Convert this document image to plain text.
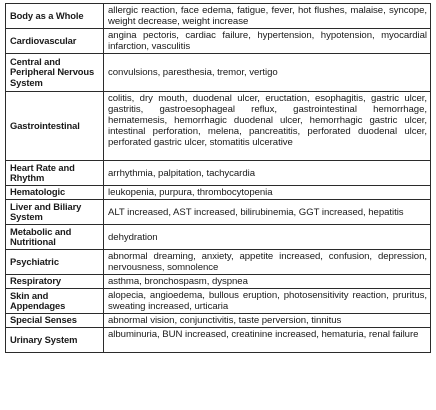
Body as a Whole	allergic reaction, face edema, fatigue, fever, hot flushes, malaise, syncope, weight decrease, weight increase
Cardiovascular	angina pectoris, cardiac failure, hypertension, hypotension, myocardial infarction, vasculitis
Central and Peripheral Nervous System	convulsions, paresthesia, tremor, vertigo
Gastrointestinal	colitis, dry mouth, duodenal ulcer, eructation, esophagitis, gastric ulcer, gastritis, gastroesophageal reflux, gastrointestinal hemorrhage, hematemesis, hemorrhagic duodenal ulcer, hemorrhagic gastric ulcer, intestinal perforation, melena, pancreatitis, perforated duodenal ulcer, perforated gastric ulcer, stomatitis ulcerative
Heart Rate and Rhythm	arrhythmia, palpitation, tachycardia
Hematologic	leukopenia, purpura, thrombocytopenia
Liver and Biliary System	ALT increased, AST increased, bilirubinemia, GGT increased, hepatitis
Metabolic and Nutritional	dehydration
Psychiatric	abnormal dreaming, anxiety, appetite increased, confusion, depression, nervousness, somnolence
Respiratory	asthma, bronchospasm, dyspnea
Skin and Appendages	alopecia, angioedema, bullous eruption, photosensitivity reaction, pruritus, sweating increased, urticaria
Special Senses	abnormal vision, conjunctivitis, taste perversion, tinnitus
Urinary System	albuminuria, BUN increased, creatinine increased, hematuria, renal failure
